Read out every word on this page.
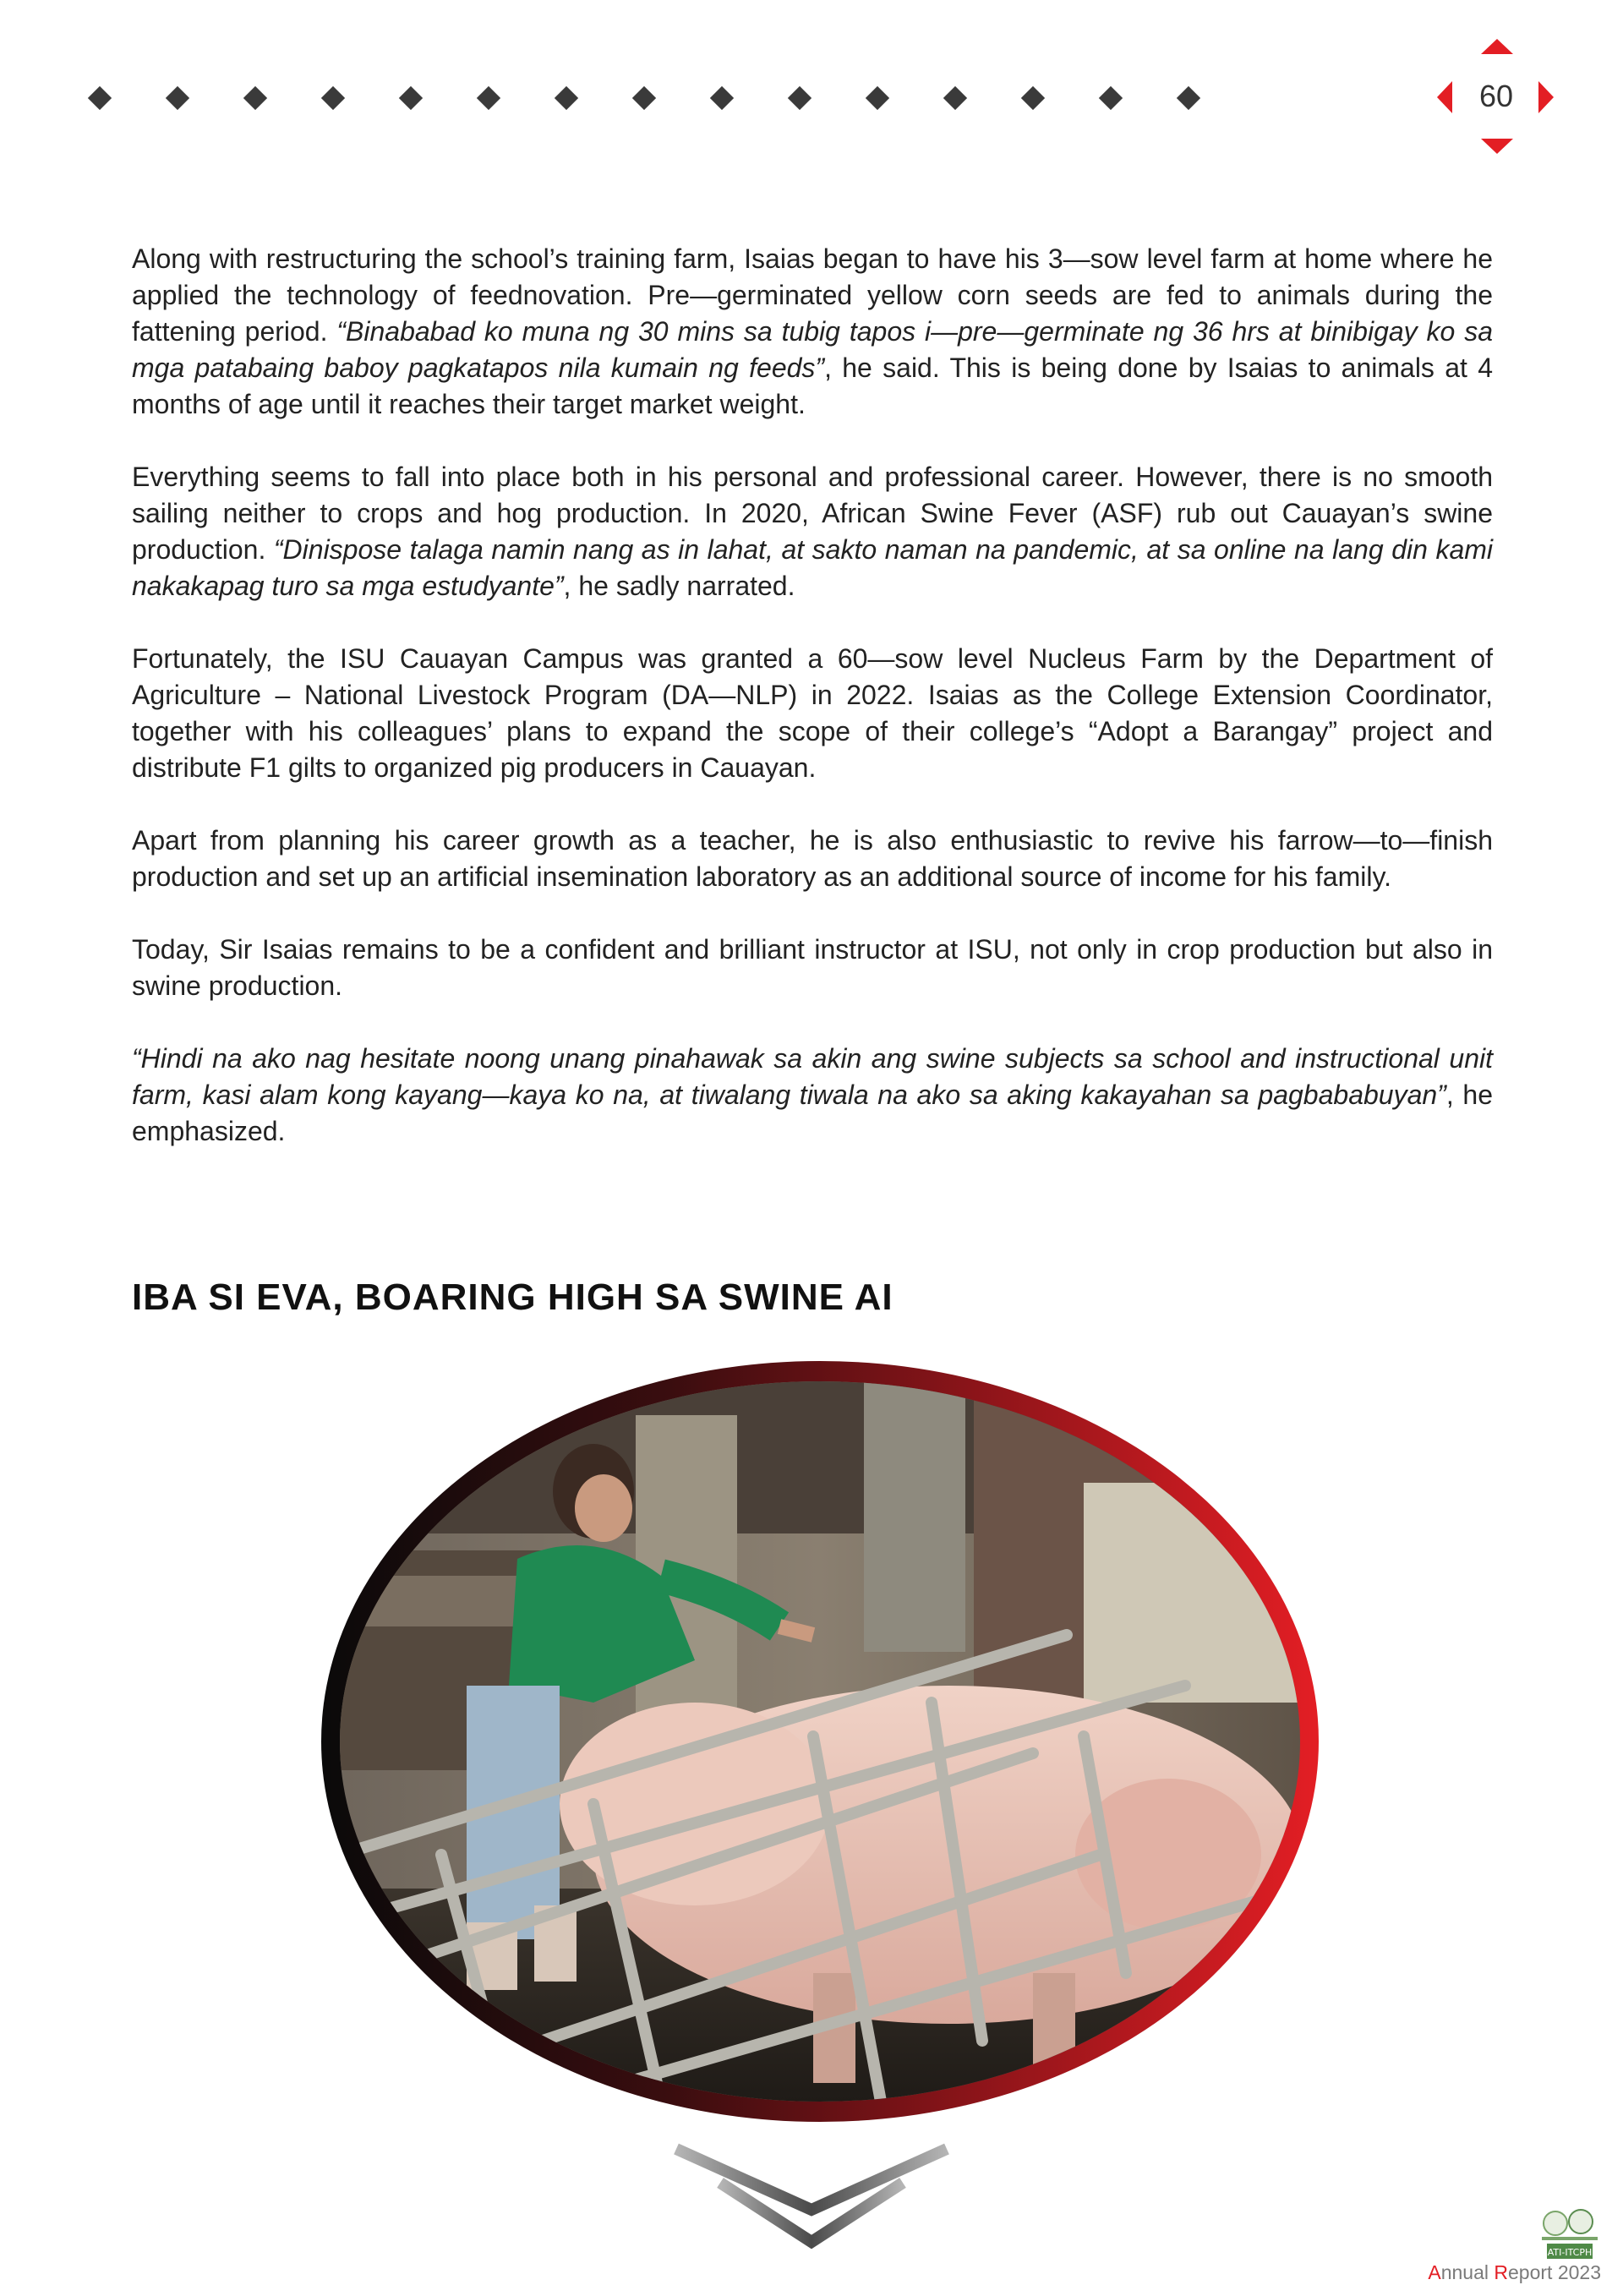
60

Along with restructuring the school’s training farm, Isaias began to have his 3—sow level farm at home where he applied the technology of feednovation. Pre—germinated yellow corn seeds are fed to animals during the fattening period. “Binababad ko muna ng 30 mins sa tubig tapos i—pre—germinate ng 36 hrs at binibigay ko sa mga patabaing baboy pagkatapos nila kumain ng feeds”, he said. This is being done by Isaias to animals at 4 months of age until it reaches their target market weight.

Everything seems to fall into place both in his personal and professional career. However, there is no smooth sailing neither to crops and hog production. In 2020, African Swine Fever (ASF) rub out Cauayan’s swine production. “Dinispose talaga namin nang as in lahat, at sakto naman na pandemic, at sa online na lang din kami nakakapag turo sa mga estudyante”, he sadly narrated.

Fortunately, the ISU Cauayan Campus was granted a 60—sow level Nucleus Farm by the Department of Agriculture – National Livestock Program (DA—NLP) in 2022. Isaias as the College Extension Coordinator, together with his colleagues’ plans to expand the scope of their college’s “Adopt a Barangay” project and distribute F1 gilts to organized pig producers in Cauayan.

Apart from planning his career growth as a teacher, he is also enthusiastic to revive his farrow—to—finish production and set up an artificial insemination laboratory as an additional source of income for his family.

Today, Sir Isaias remains to be a confident and brilliant instructor at ISU, not only in crop production but also in swine production.

“Hindi na ako nag hesitate noong unang pinahawak sa akin ang swine subjects sa school and instructional unit farm, kasi alam kong kayang—kaya ko na, at tiwalang tiwala na ako sa aking kakayahan sa pagbababuyan”, he emphasized.

IBA SI EVA, BOARING HIGH SA SWINE AI
ATI-ITCPH
Annual Report 2023
